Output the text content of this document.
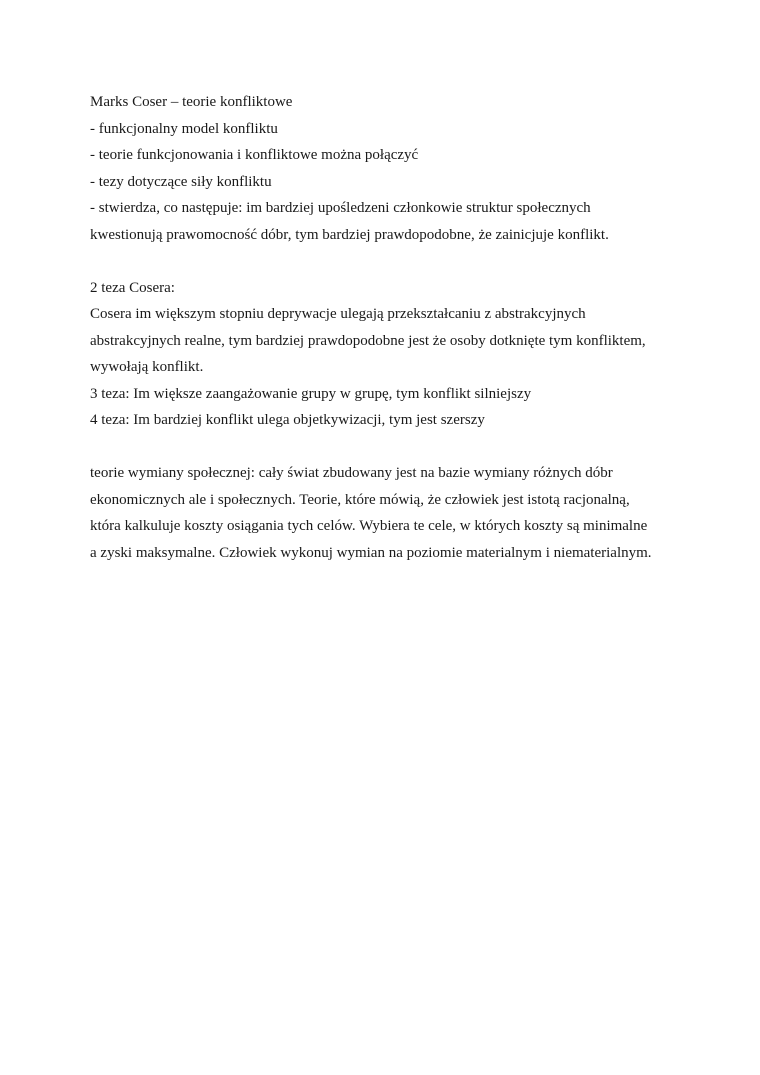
Marks Coser – teorie konfliktowe
- funkcjonalny model konfliktu
- teorie funkcjonowania i konfliktowe można połączyć
- tezy dotyczące siły konfliktu
- stwierdza, co następuje: im bardziej upośledzeni członkowie struktur społecznych
kwestionują prawomocność dóbr, tym bardziej prawdopodobne, że zainicjuje konflikt.
2 teza Cosera:
Cosera im większym stopniu deprywacje ulegają przekształcaniu z abstrakcyjnych
abstrakcyjnych realne, tym bardziej prawdopodobne jest że osoby dotknięte tym konfliktem,
wywołają konflikt.
3 teza: Im większe zaangażowanie grupy w grupę, tym konflikt silniejszy
4 teza: Im bardziej konflikt ulega objetkywizacji, tym jest szerszy
teorie wymiany społecznej: cały świat zbudowany jest na bazie wymiany różnych dóbr
ekonomicznych ale i społecznych. Teorie, które mówią, że człowiek jest istotą racjonalną,
która kalkuluje koszty osiągania tych celów. Wybiera te cele, w których koszty są minimalne
a zyski maksymalne. Człowiek wykonuj wymian na poziomie materialnym i niematerialnym.
